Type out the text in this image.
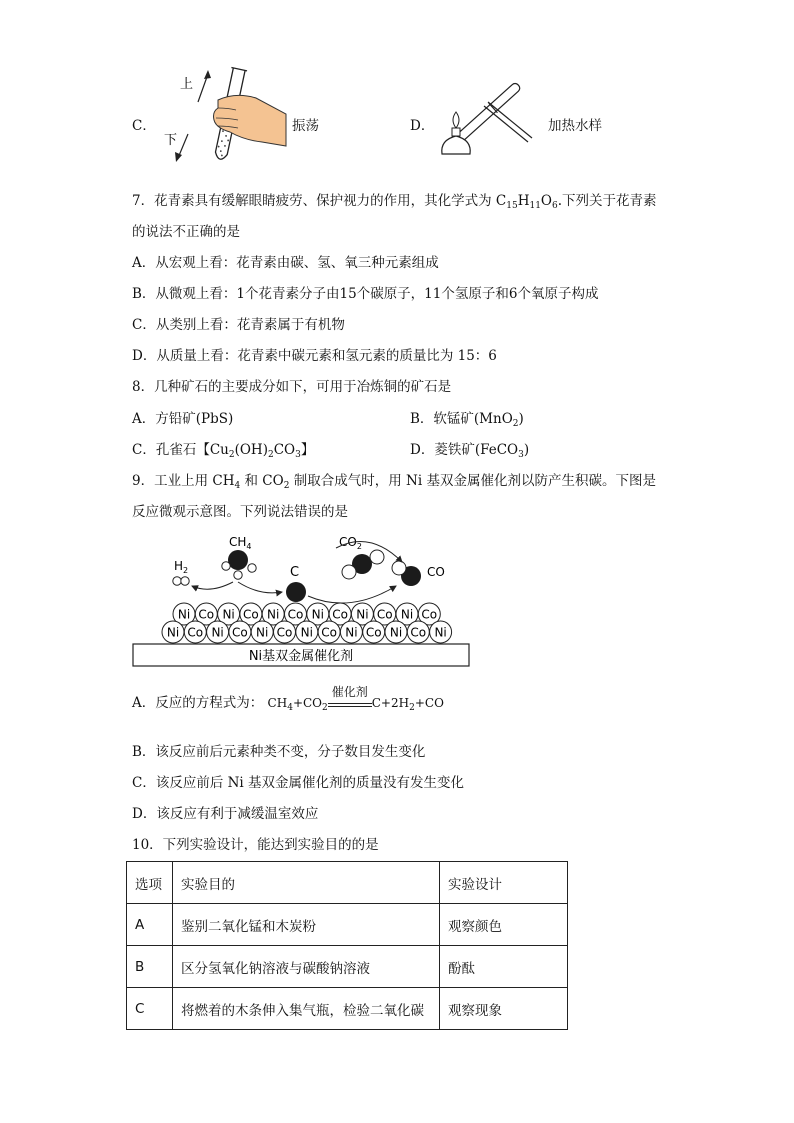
C．
上
下
振荡	D．	加热水样
7．花青素具有缓解眼睛疲劳、保护视力的作用，其化学式为 $C_{15}H_{11}O_6$.下列关于花青素
的说法不正确的是
A．从宏观上看：花青素由碳、氢、氧三种元素组成
B．从微观上看：1个花青素分子由15个碳原子，11个氢原子和6个氧原子构成
C．从类别上看：花青素属于有机物
D．从质量上看：花青素中碳元素和氢元素的质量比为 15：6
8．几种矿石的主要成分如下，可用于冶炼铜的矿石是
A．方铅矿(PbS)	B．软锰矿(MnO$_2$)
C．孔雀石【$Cu_2(OH)_2CO_3$】	D．菱铁矿(FeCO$_3$)
9．工业上用 $CH_4$ 和 $CO_2$ 制取合成气时，用 Ni 基双金属催化剂以防产生积碳。下图是
反应微观示意图。下列说法错误的是
Ni基双金属催化剂
Ni Co Ni Co Ni Co Ni Co Ni Co Ni Co
Ni Co Ni Co Ni Co Ni Co Ni Co Ni Co Ni
$H_2$
$CH_4$
C
$CO_2$
CO
A．反应的方程式为： $CH_4+CO_2$
催化剂
$C+2H_2+CO$
B．该反应前后元素种类不变，分子数目发生变化
C．该反应前后 Ni 基双金属催化剂的质量没有发生变化
D．该反应有利于减缓温室效应
10．下列实验设计，能达到实验目的的是
选项	实验目的	实验设计
A	鉴别二氧化锰和木炭粉	观察颜色
B	区分氢氧化钠溶液与碳酸钠溶液	酚酞
C	将燃着的木条伸入集气瓶，检验二氧化碳	观察现象
